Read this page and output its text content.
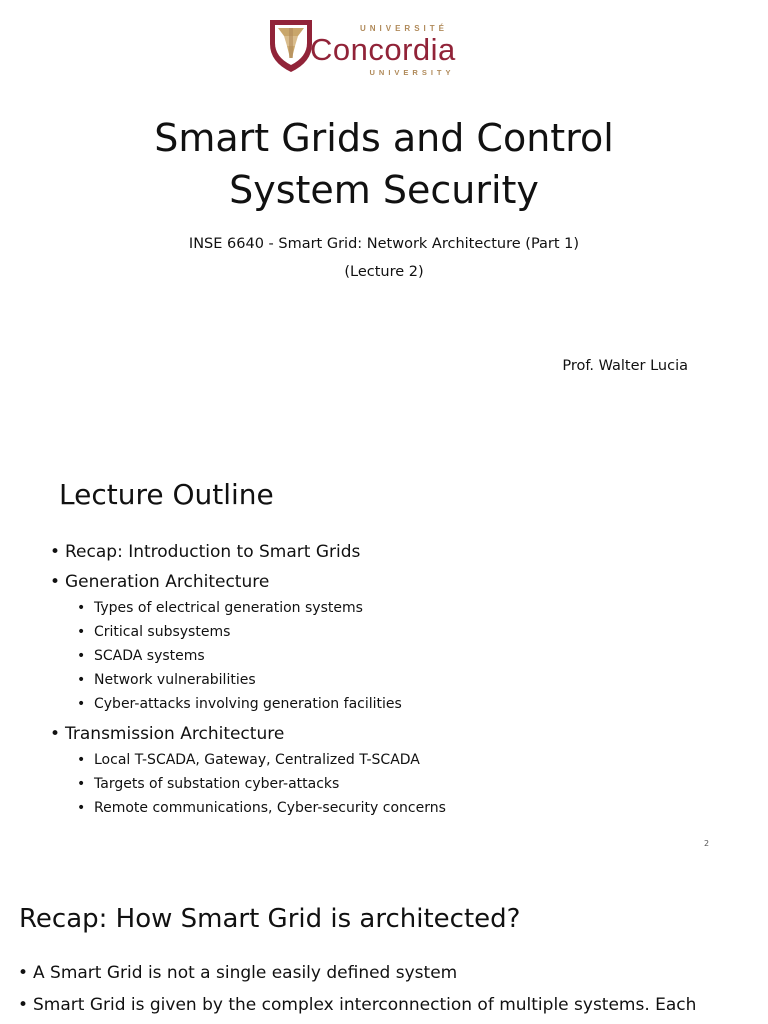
UNIVERSITÉ
Concordia
UNIVERSITY
Smart Grids and Control
System Security
INSE 6640 - Smart Grid: Network Architecture (Part 1)
(Lecture 2)
Prof. Walter Lucia
Lecture Outline
• Recap: Introduction to Smart Grids
• Generation Architecture
• Types of electrical generation systems
• Critical subsystems
• SCADA systems
• Network vulnerabilities
• Cyber-attacks involving generation facilities
• Transmission Architecture
• Local T-SCADA, Gateway, Centralized T-SCADA
• Targets of substation cyber-attacks
• Remote communications, Cyber-security concerns
2
Recap: How Smart Grid is architected?
• A Smart Grid is not a single easily defined system
• Smart Grid is given by the complex interconnection of multiple systems. Each
